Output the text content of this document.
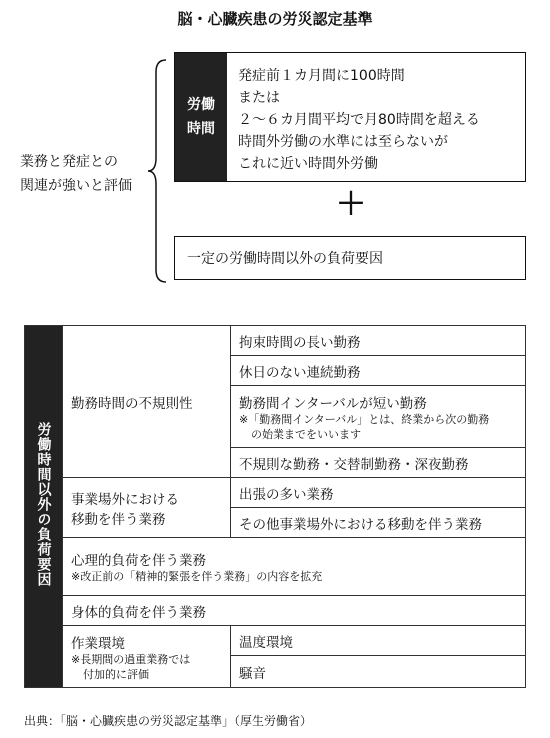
脳・心臓疾患の労災認定基準
業務と発症との
関連が強いと評価
労働
時間
発症前１カ月間に100時間
または
２～６カ月間平均で月80時間を超える
時間外労働の水準には至らないが
これに近い時間外労働
＋
一定の労働時間以外の負荷要因
労働時間以外の負荷要因	勤務時間の不規則性	拘束時間の長い勤務
		休日のない連続勤務

		勤務間インターバルが短い勤務
※「勤務間インターバル」とは、終業から次の勤務
の始業までをいいます

		不規則な勤務・交替制勤務・深夜勤務

	事業場外における
移動を伴う業務	出張の多い業務
		その他事業場外における移動を伴う業務

	心理的負荷を伴う業務
※改正前の「精神的緊張を伴う業務」の内容を拡充	

	身体的負荷を伴う業務	

	作業環境
※長期間の過重業務では
付加的に評価	温度環境
		騒音
出典：「脳・心臓疾患の労災認定基準」（厚生労働省）
